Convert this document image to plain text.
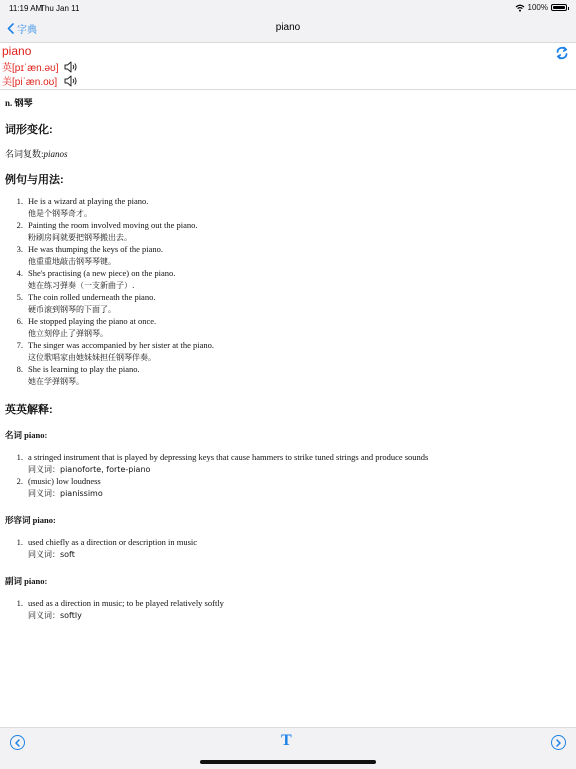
11:19 AM
Thu Jan 11	100%
字典	piano
piano
英[pɪˈæn.əʊ]
美[piˈæn.oʊ]
n. 钢琴
词形变化:
名词复数:pianos
例句与用法:
1. He is a wizard at playing the piano.
他是个钢琴奇才。
2. Painting the room involved moving out the piano.
粉刷房间就要把钢琴搬出去。
3. He was thumping the keys of the piano.
他重重地敲击钢琴琴键。
4. She's practising (a new piece) on the piano.
她在练习弹奏（一支新曲子）.
5. The coin rolled underneath the piano.
硬币滚到钢琴的下面了。
6. He stopped playing the piano at once.
他立刻停止了弹钢琴。
7. The singer was accompanied by her sister at the piano.
这位歌唱家由她妹妹担任钢琴伴奏。
8. She is learning to play the piano.
她在学弹钢琴。
英英解释:
名词 piano:
1. a stringed instrument that is played by depressing keys that cause hammers to strike tuned strings and produce sounds
同义词：pianoforte, forte-piano
2. (music) low loudness
同义词：pianissimo
形容词 piano:
1. used chiefly as a direction or description in music
同义词：soft
副词 piano:
1. used as a direction in music; to be played relatively softly
同义词：softly
T
